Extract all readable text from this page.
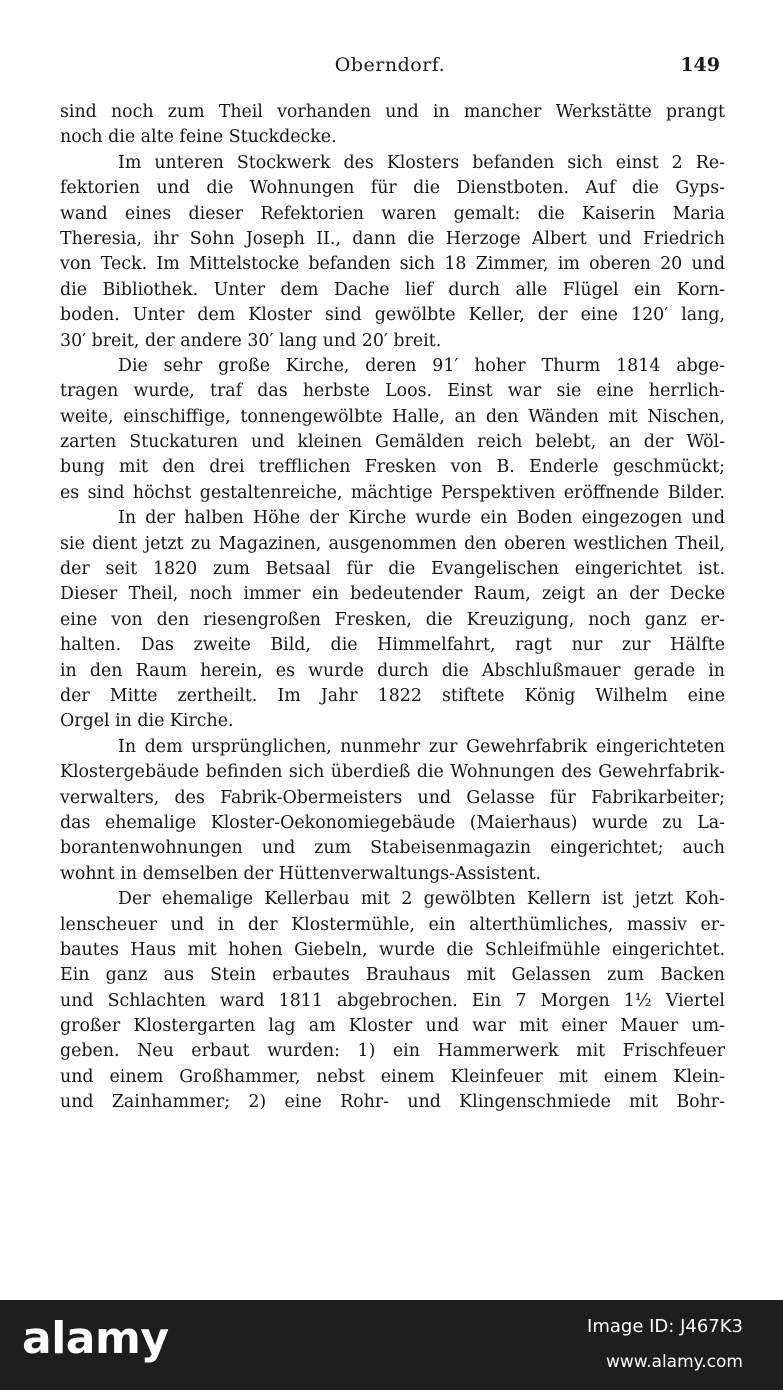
Oberndorf.	149
sind noch zum Theil vorhanden und in mancher Werkstätte prangt
noch die alte feine Stuckdecke.
Im unteren Stockwerk des Klosters befanden sich einst 2 Re-
fektorien und die Wohnungen für die Dienstboten. Auf die Gyps-
wand eines dieser Refektorien waren gemalt: die Kaiserin Maria
Theresia, ihr Sohn Joseph II., dann die Herzoge Albert und Friedrich
von Teck. Im Mittelstocke befanden sich 18 Zimmer, im oberen 20 und
die Bibliothek. Unter dem Dache lief durch alle Flügel ein Korn-
boden. Unter dem Kloster sind gewölbte Keller, der eine 120′ lang,
30′ breit, der andere 30′ lang und 20′ breit.
Die sehr große Kirche, deren 91′ hoher Thurm 1814 abge-
tragen wurde, traf das herbste Loos. Einst war sie eine herrlich-
weite, einschiffige, tonnengewölbte Halle, an den Wänden mit Nischen,
zarten Stuckaturen und kleinen Gemälden reich belebt, an der Wöl-
bung mit den drei trefflichen Fresken von B. Enderle geschmückt;
es sind höchst gestaltenreiche, mächtige Perspektiven eröffnende Bilder.
In der halben Höhe der Kirche wurde ein Boden eingezogen und
sie dient jetzt zu Magazinen, ausgenommen den oberen westlichen Theil,
der seit 1820 zum Betsaal für die Evangelischen eingerichtet ist.
Dieser Theil, noch immer ein bedeutender Raum, zeigt an der Decke
eine von den riesengroßen Fresken, die Kreuzigung, noch ganz er-
halten. Das zweite Bild, die Himmelfahrt, ragt nur zur Hälfte
in den Raum herein, es wurde durch die Abschlußmauer gerade in
der Mitte zertheilt. Im Jahr 1822 stiftete König Wilhelm eine
Orgel in die Kirche.
In dem ursprünglichen, nunmehr zur Gewehrfabrik eingerichteten
Klostergebäude befinden sich überdieß die Wohnungen des Gewehrfabrik-
verwalters, des Fabrik-Obermeisters und Gelasse für Fabrikarbeiter;
das ehemalige Kloster-Oekonomiegebäude (Maierhaus) wurde zu La-
borantenwohnungen und zum Stabeisenmagazin eingerichtet; auch
wohnt in demselben der Hüttenverwaltungs-Assistent.
Der ehemalige Kellerbau mit 2 gewölbten Kellern ist jetzt Koh-
lenscheuer und in der Klostermühle, ein alterthümliches, massiv er-
bautes Haus mit hohen Giebeln, wurde die Schleifmühle eingerichtet.
Ein ganz aus Stein erbautes Brauhaus mit Gelassen zum Backen
und Schlachten ward 1811 abgebrochen. Ein 7 Morgen 1½ Viertel
großer Klostergarten lag am Kloster und war mit einer Mauer um-
geben. Neu erbaut wurden: 1) ein Hammerwerk mit Frischfeuer
und einem Großhammer, nebst einem Kleinfeuer mit einem Klein-
und Zainhammer; 2) eine Rohr- und Klingenschmiede mit Bohr-
alamy	Image ID: J467K3
www.alamy.com
